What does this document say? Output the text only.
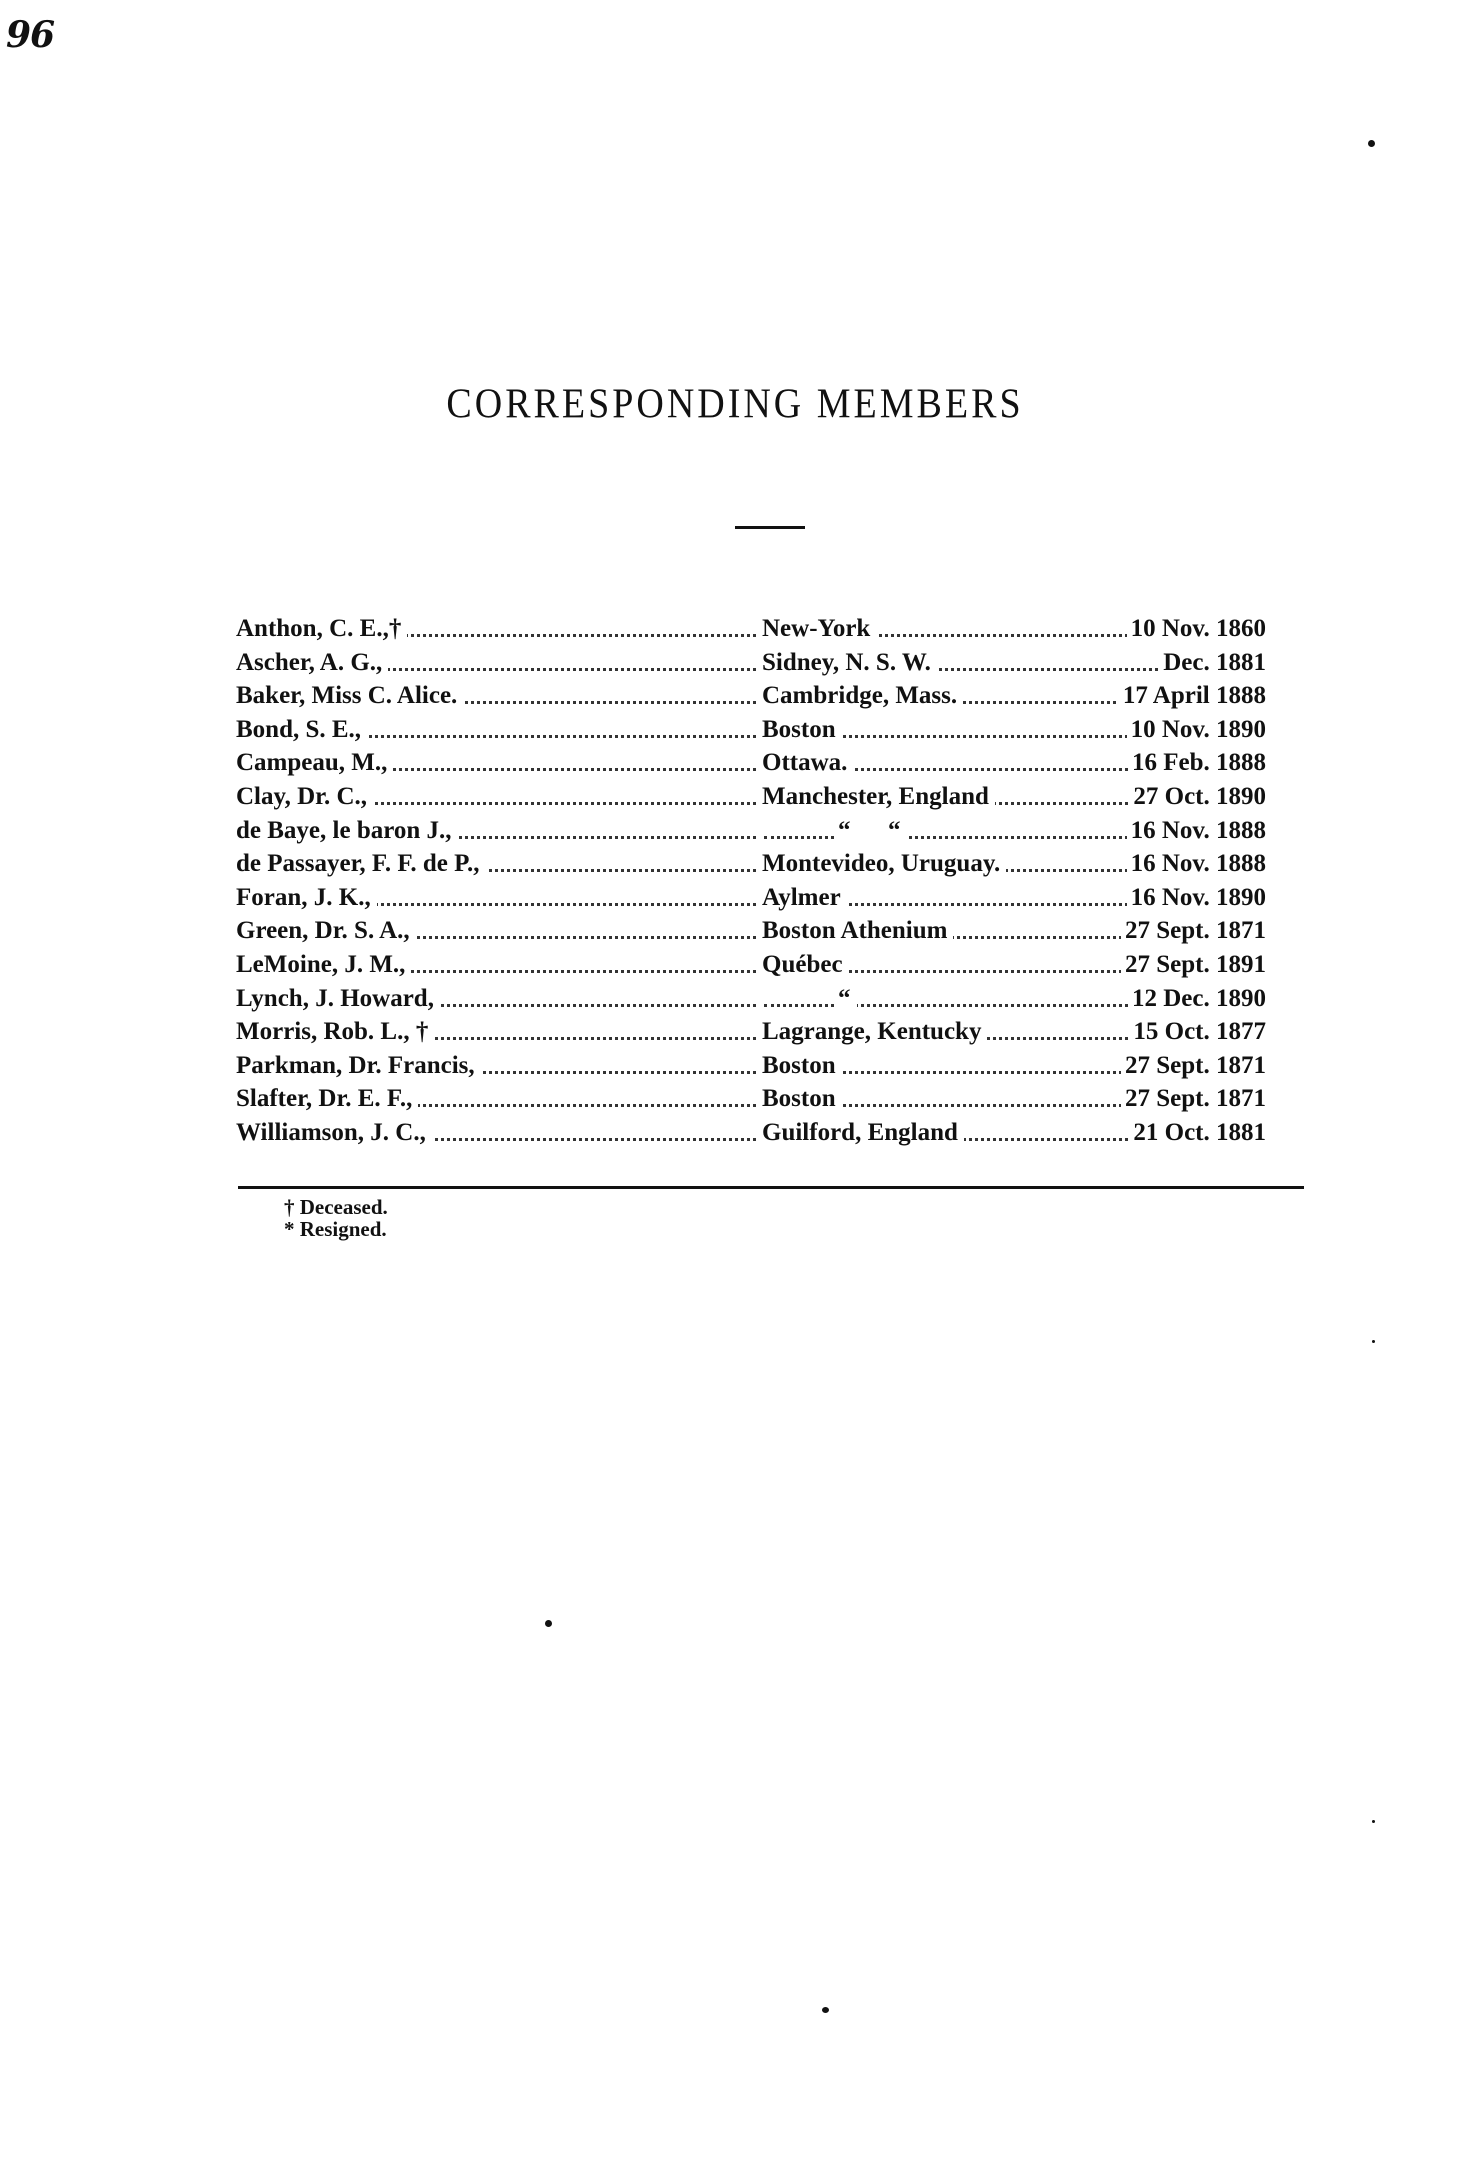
96
CORRESPONDING MEMBERS
Anthon, C. E.,†	New-York	10 Nov. 1860
Ascher, A. G.,	Sidney, N. S. W.	Dec. 1881
Baker, Miss C. Alice.	Cambridge, Mass.	17 April 1888
Bond, S. E.,	Boston	10 Nov. 1890
Campeau, M.,	Ottawa.	16 Feb. 1888
Clay, Dr. C.,	Manchester, England	27 Oct. 1890
de Baye, le baron J.,	“      “	16 Nov. 1888
de Passayer, F. F. de P.,	Montevideo, Uruguay.	16 Nov. 1888
Foran, J. K.,	Aylmer	16 Nov. 1890
Green, Dr. S. A.,	Boston Athenium	27 Sept. 1871
LeMoine, J. M.,	Québec	27 Sept. 1891
Lynch, J. Howard,	“	12 Dec. 1890
Morris, Rob. L., †	Lagrange, Kentucky	15 Oct. 1877
Parkman, Dr. Francis,	Boston	27 Sept. 1871
Slafter, Dr. E. F.,	Boston	27 Sept. 1871
Williamson, J. C.,	Guilford, England	21 Oct. 1881
† Deceased.
* Resigned.
